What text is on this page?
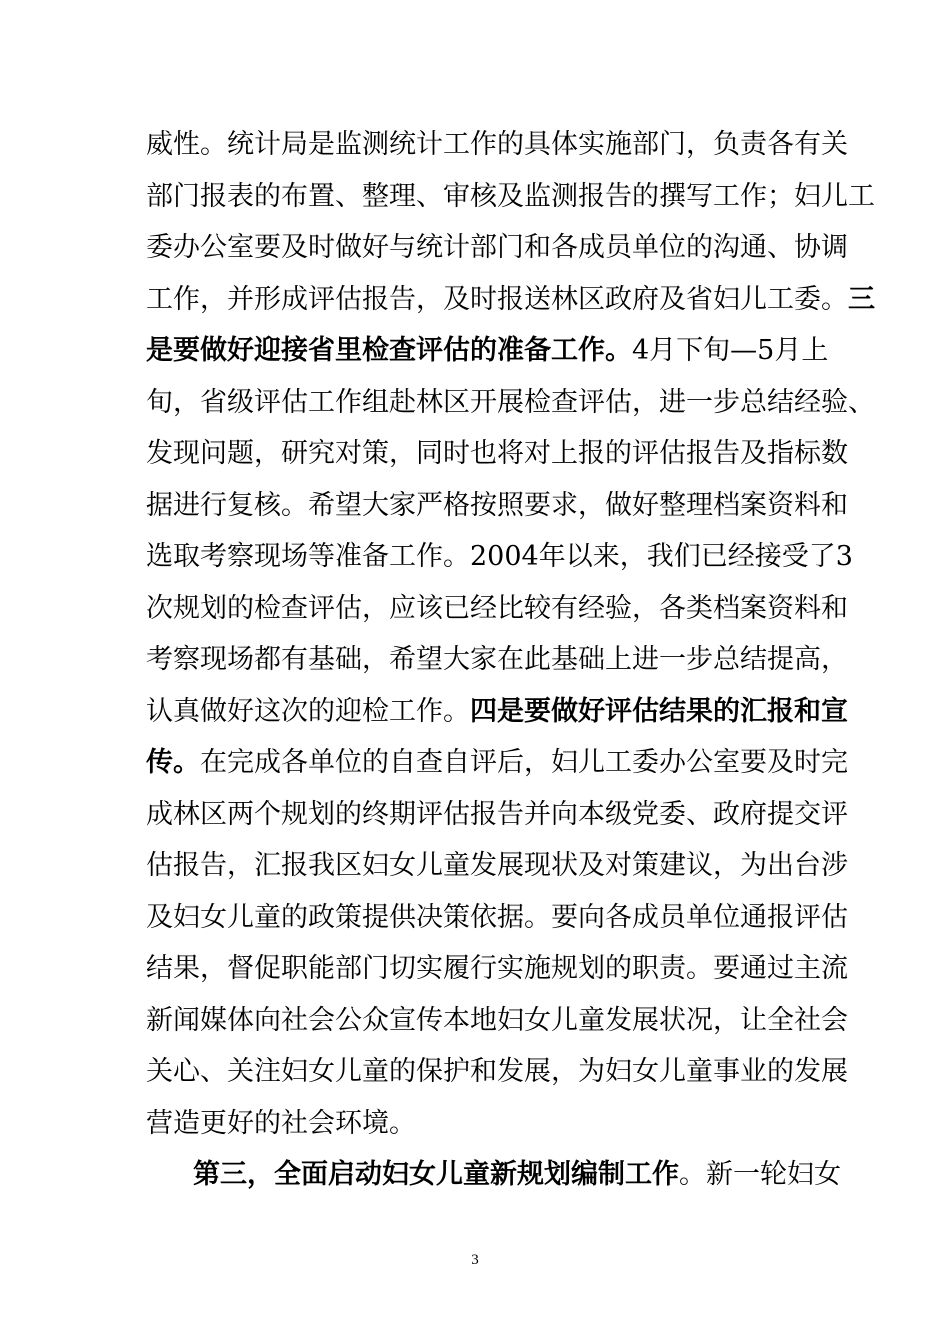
威性。统计局是监测统计工作的具体实施部门，负责各有关
部门报表的布置、整理、审核及监测报告的撰写工作；妇儿工
委办公室要及时做好与统计部门和各成员单位的沟通、协调
工作，并形成评估报告，及时报送林区政府及省妇儿工委。三
是要做好迎接省里检查评估的准备工作。4月下旬—5月上
旬，省级评估工作组赴林区开展检查评估，进一步总结经验、
发现问题，研究对策，同时也将对上报的评估报告及指标数
据进行复核。希望大家严格按照要求，做好整理档案资料和
选取考察现场等准备工作。2004年以来，我们已经接受了3
次规划的检查评估，应该已经比较有经验，各类档案资料和
考察现场都有基础，希望大家在此基础上进一步总结提高，
认真做好这次的迎检工作。四是要做好评估结果的汇报和宣
传。在完成各单位的自查自评后，妇儿工委办公室要及时完
成林区两个规划的终期评估报告并向本级党委、政府提交评
估报告，汇报我区妇女儿童发展现状及对策建议，为出台涉
及妇女儿童的政策提供决策依据。要向各成员单位通报评估
结果，督促职能部门切实履行实施规划的职责。要通过主流
新闻媒体向社会公众宣传本地妇女儿童发展状况，让全社会
关心、关注妇女儿童的保护和发展，为妇女儿童事业的发展
营造更好的社会环境。
第三，全面启动妇女儿童新规划编制工作。新一轮妇女
3
